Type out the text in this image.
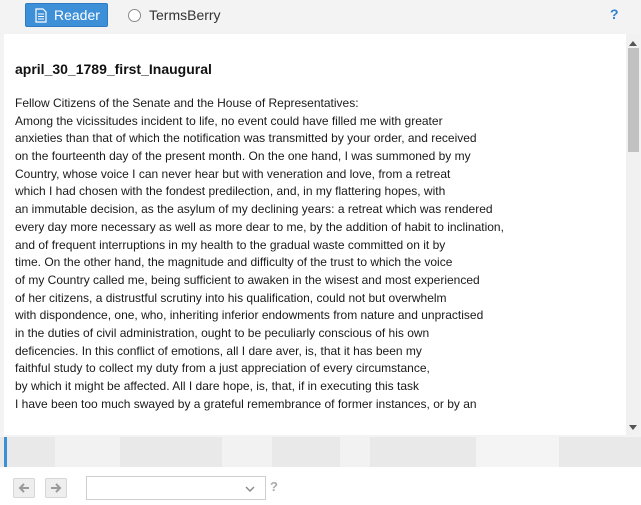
Reader	TermsBerry	?
april_30_1789_first_Inaugural
Fellow Citizens of the Senate and the House of Representatives:
Among the vicissitudes incident to life, no event could have filled me with greater
anxieties than that of which the notification was transmitted by your order, and received
on the fourteenth day of the present month. On the one hand, I was summoned by my
Country, whose voice I can never hear but with veneration and love, from a retreat
which I had chosen with the fondest predilection, and, in my flattering hopes, with
an immutable decision, as the asylum of my declining years: a retreat which was rendered
every day more necessary as well as more dear to me, by the addition of habit to inclination,
and of frequent interruptions in my health to the gradual waste committed on it by
time. On the other hand, the magnitude and difficulty of the trust to which the voice
of my Country called me, being sufficient to awaken in the wisest and most experienced
of her citizens, a distrustful scrutiny into his qualification, could not but overwhelm
with dispondence, one, who, inheriting inferior endowments from nature and unpractised
in the duties of civil administration, ought to be peculiarly conscious of his own
deficencies. In this conflict of emotions, all I dare aver, is, that it has been my
faithful study to collect my duty from a just appreciation of every circumstance,
by which it might be affected. All I dare hope, is, that, if in executing this task
I have been too much swayed by a grateful remembrance of former instances, or by an
?
